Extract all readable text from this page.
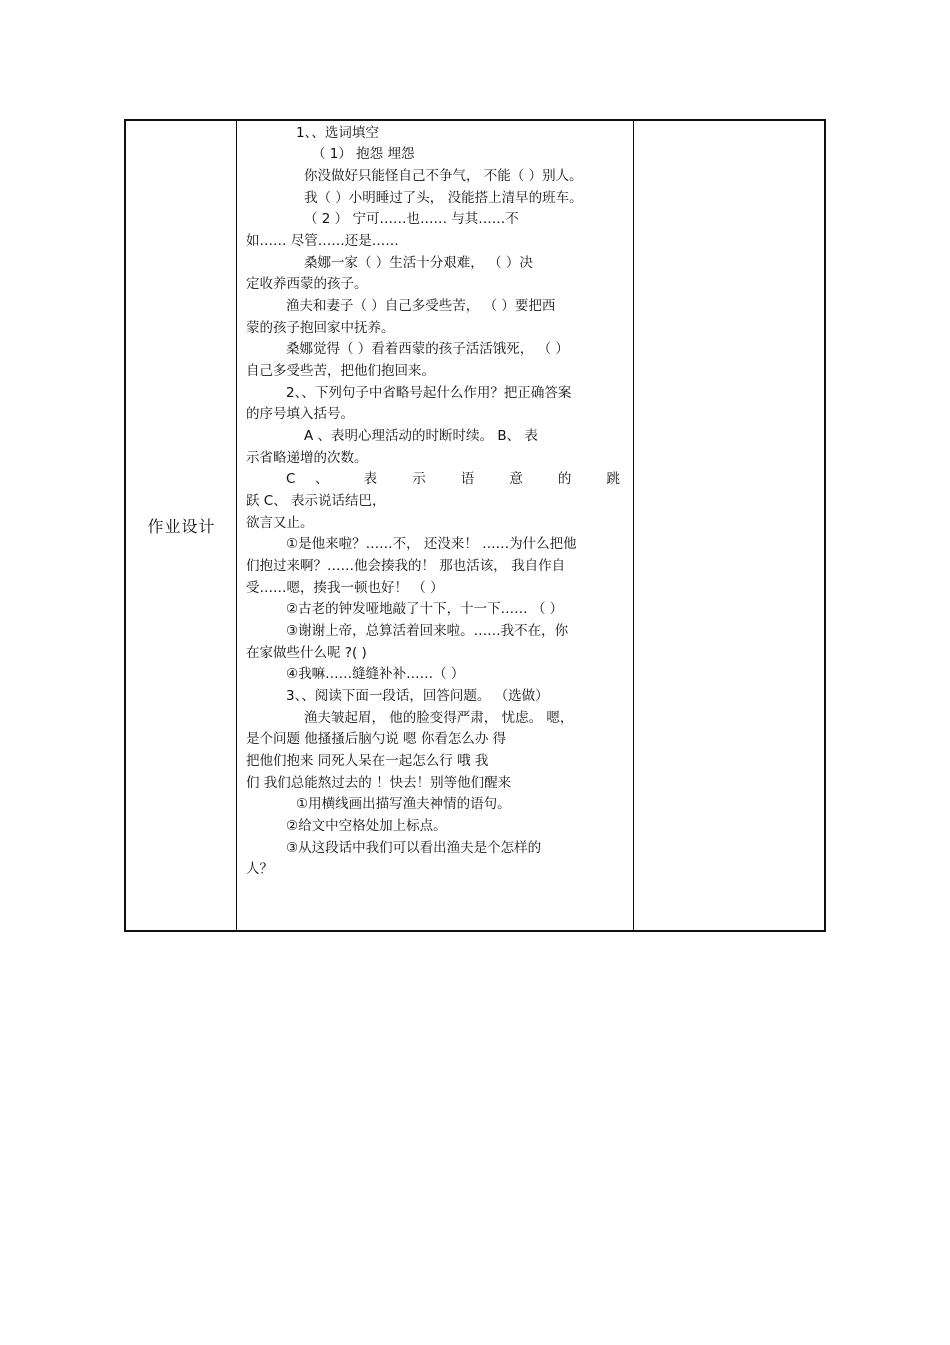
作业设计
1、、选词填空
（ 1） 抱怨 埋怨
你没做好只能怪自己不争气， 不能（ ）别人。
我（ ）小明睡过了头， 没能搭上清早的班车。
（ 2 ） 宁可……也…… 与其……不
如…… 尽管……还是……
桑娜一家（ ）生活十分艰难， （ ）决
定收养西蒙的孩子。
渔夫和妻子（ ）自己多受些苦， （ ）要把西
蒙的孩子抱回家中抚养。
桑娜觉得（ ）看着西蒙的孩子活活饿死， （ ）
自己多受些苦，把他们抱回来。
2、、下列句子中省略号起什么作用？把正确答案
的序号填入括号。
A 、表明心理活动的时断时续。 B、 表
示省略递增的次数。
C 、 表 示 语 意 的 跳
跃 C、 表示说话结巴，
欲言又止。
①是他来啦？……不， 还没来！ ……为什么把他
们抱过来啊？……他会揍我的！ 那也活该， 我自作自
受……嗯，揍我一顿也好！ （ ）
②古老的钟发哑地敲了十下，十一下…… （ ）
③谢谢上帝，总算活着回来啦。……我不在，你
在家做些什么呢 ?( )
④我嘛……缝缝补补……（ ）
3、、阅读下面一段话，回答问题。 （选做）
渔夫皱起眉， 他的脸变得严肃， 忧虑。 嗯，
是个问题 他搔搔后脑勺说 嗯 你看怎么办 得
把他们抱来 同死人呆在一起怎么行 哦 我
们 我们总能熬过去的 ！快去！别等他们醒来
①用横线画出描写渔夫神情的语句。
②给文中空格处加上标点。
③从这段话中我们可以看出渔夫是个怎样的
人？
